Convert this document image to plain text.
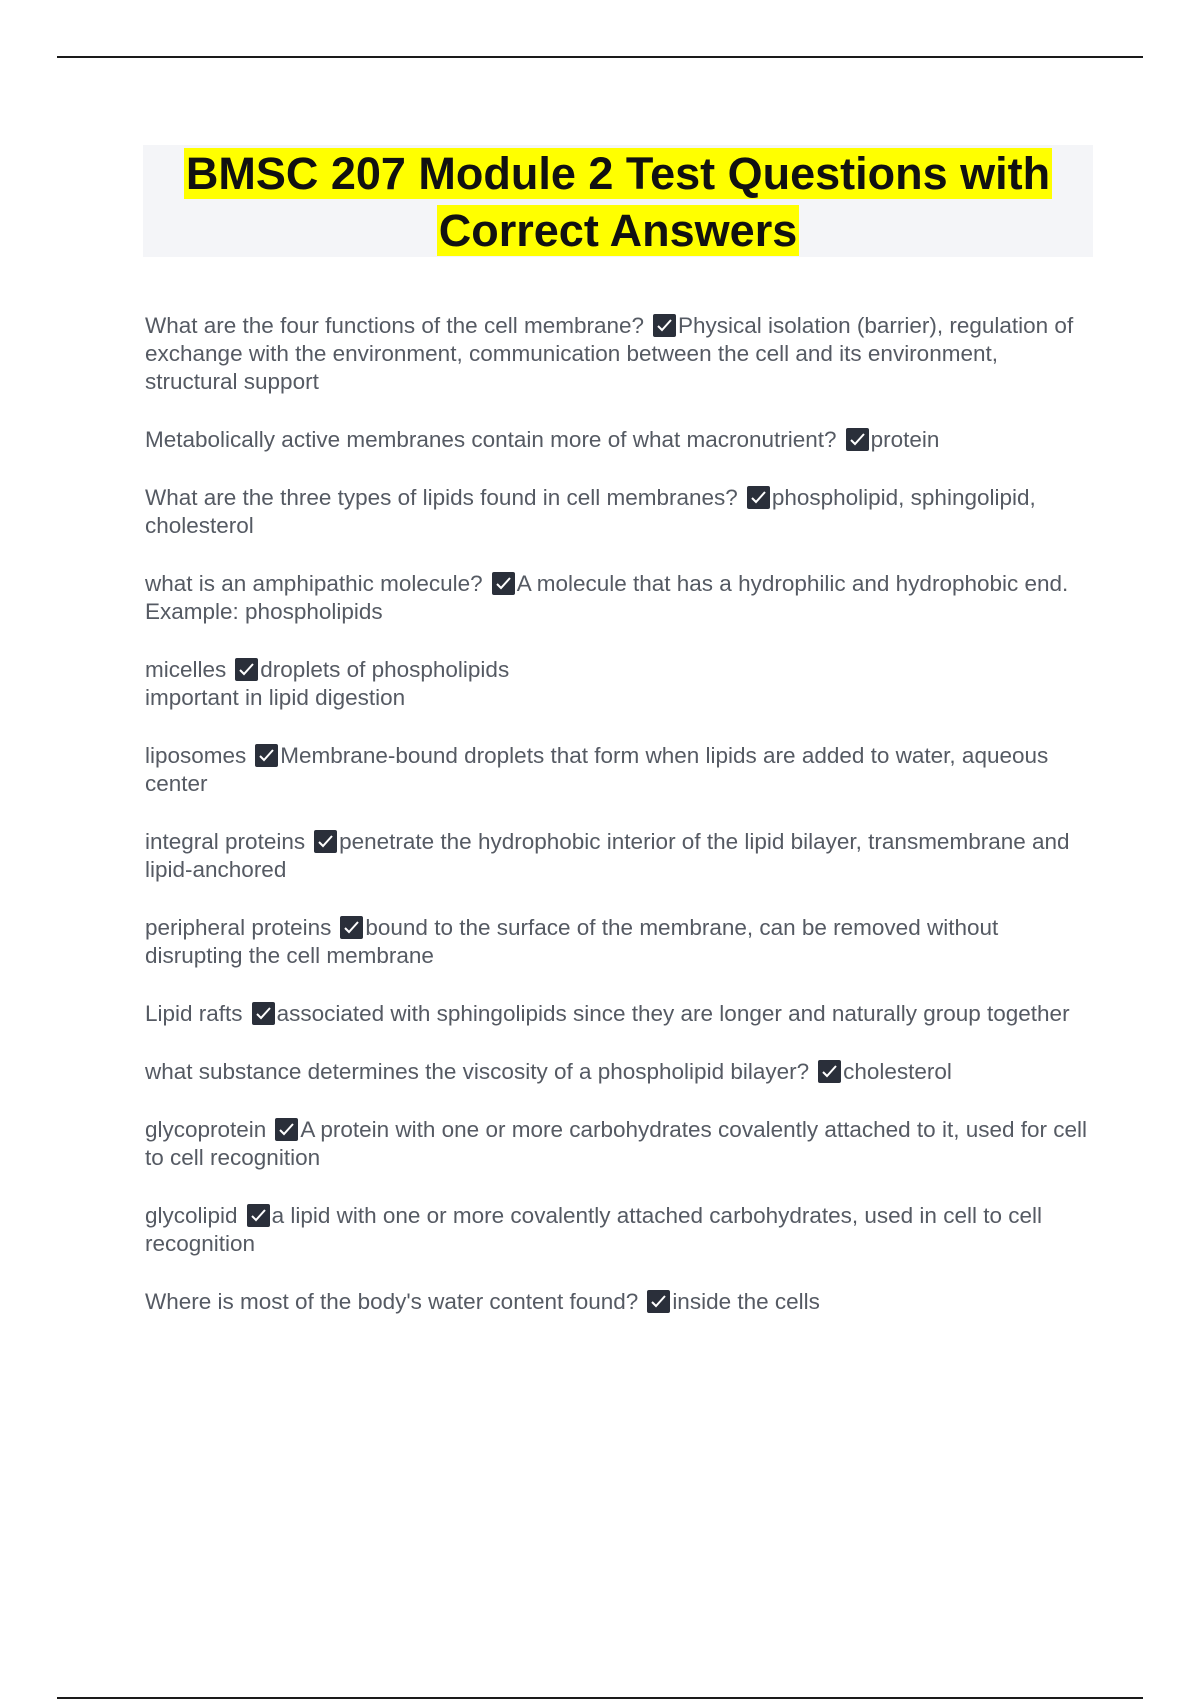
BMSC 207 Module 2 Test Questions with
Correct Answers

What are the four functions of the cell membrane? Physical isolation (barrier), regulation of exchange with the environment, communication between the cell and its environment, structural support

Metabolically active membranes contain more of what macronutrient? protein

What are the three types of lipids found in cell membranes? phospholipid, sphingolipid, cholesterol

what is an amphipathic molecule? A molecule that has a hydrophilic and hydrophobic end. Example: phospholipids

micelles droplets of phospholipids
important in lipid digestion

liposomes Membrane-bound droplets that form when lipids are added to water, aqueous center

integral proteins penetrate the hydrophobic interior of the lipid bilayer, transmembrane and lipid-anchored

peripheral proteins bound to the surface of the membrane, can be removed without disrupting the cell membrane

Lipid rafts associated with sphingolipids since they are longer and naturally group together

what substance determines the viscosity of a phospholipid bilayer? cholesterol

glycoprotein A protein with one or more carbohydrates covalently attached to it, used for cell to cell recognition

glycolipid a lipid with one or more covalently attached carbohydrates, used in cell to cell recognition

Where is most of the body's water content found? inside the cells
